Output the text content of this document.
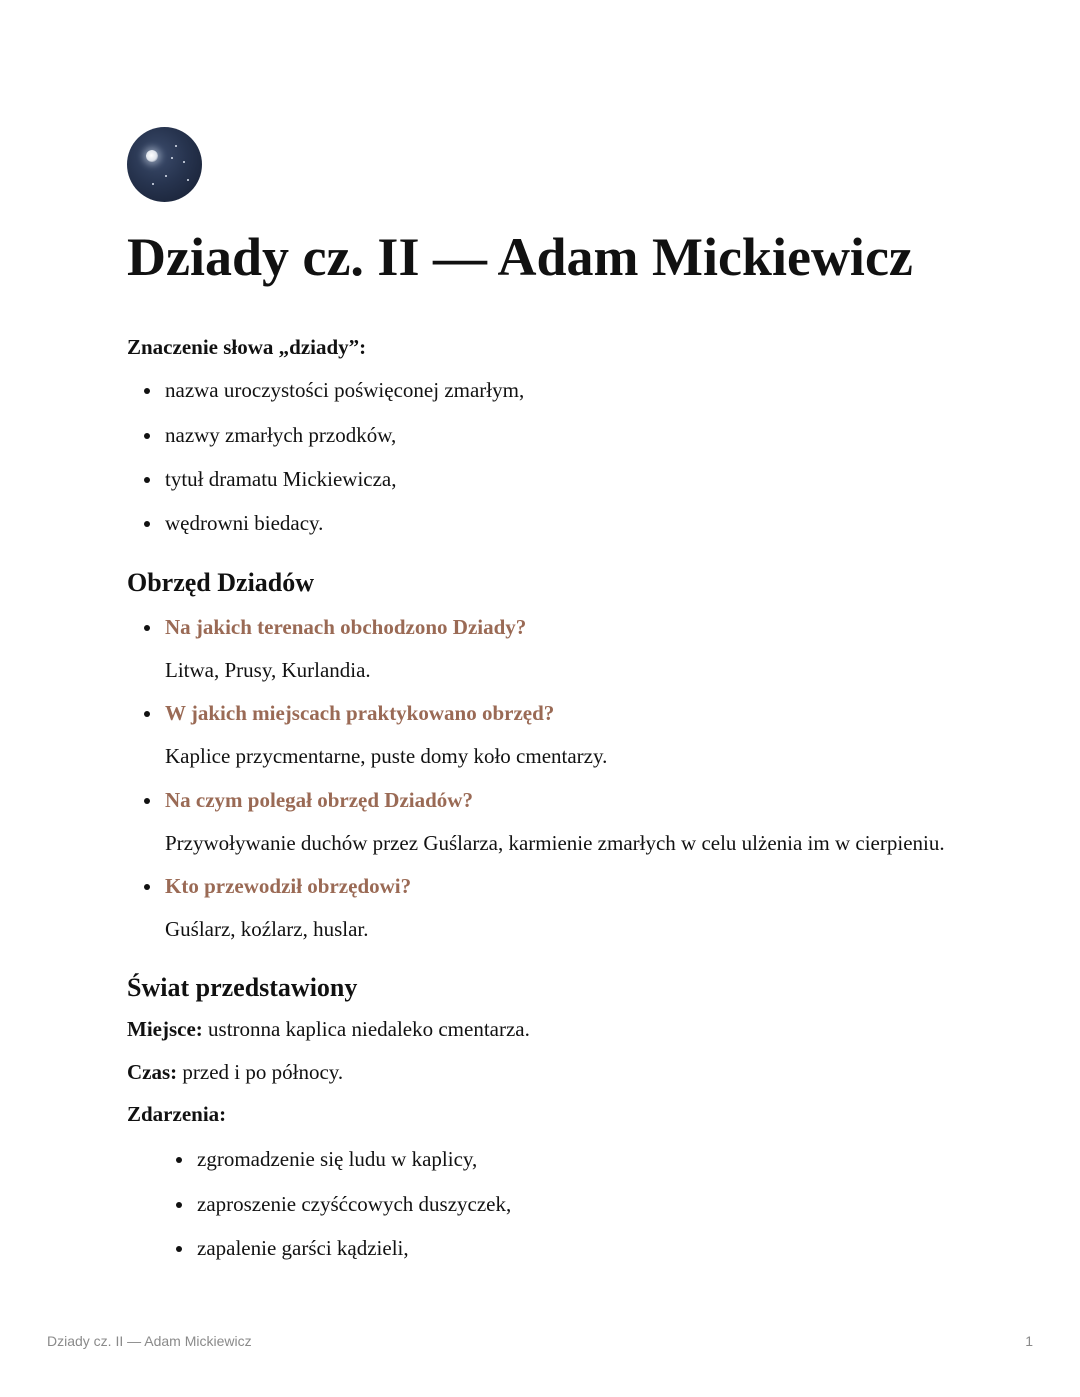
Dziady cz. II — Adam Mickiewicz

Znaczenie słowa „dziady”:

nazwa uroczystości poświęconej zmarłym,
nazwy zmarłych przodków,
tytuł dramatu Mickiewicza,
wędrowni biedacy.
Obrzęd Dziadów
Na jakich terenach obchodzono Dziady?
W jakich miejscach praktykowano obrzęd?
Na czym polegał obrzęd Dziadów?
Kto przewodził obrzędowi?

Litwa, Prusy, Kurlandia.

Kaplice przycmentarne, puste domy koło cmentarzy.

Przywoływanie duchów przez Guślarza, karmienie zmarłych w celu ulżenia im w cierpieniu.

Guślarz, koźlarz, huslar.

Świat przedstawiony

Miejsce: ustronna kaplica niedaleko cmentarza.

Czas: przed i po północy.

Zdarzenia:

zgromadzenie się ludu w kaplicy,
zaproszenie czyśćcowych duszyczek,
zapalenie garści kądzieli,
Dziady cz. II — Adam Mickiewicz	1
